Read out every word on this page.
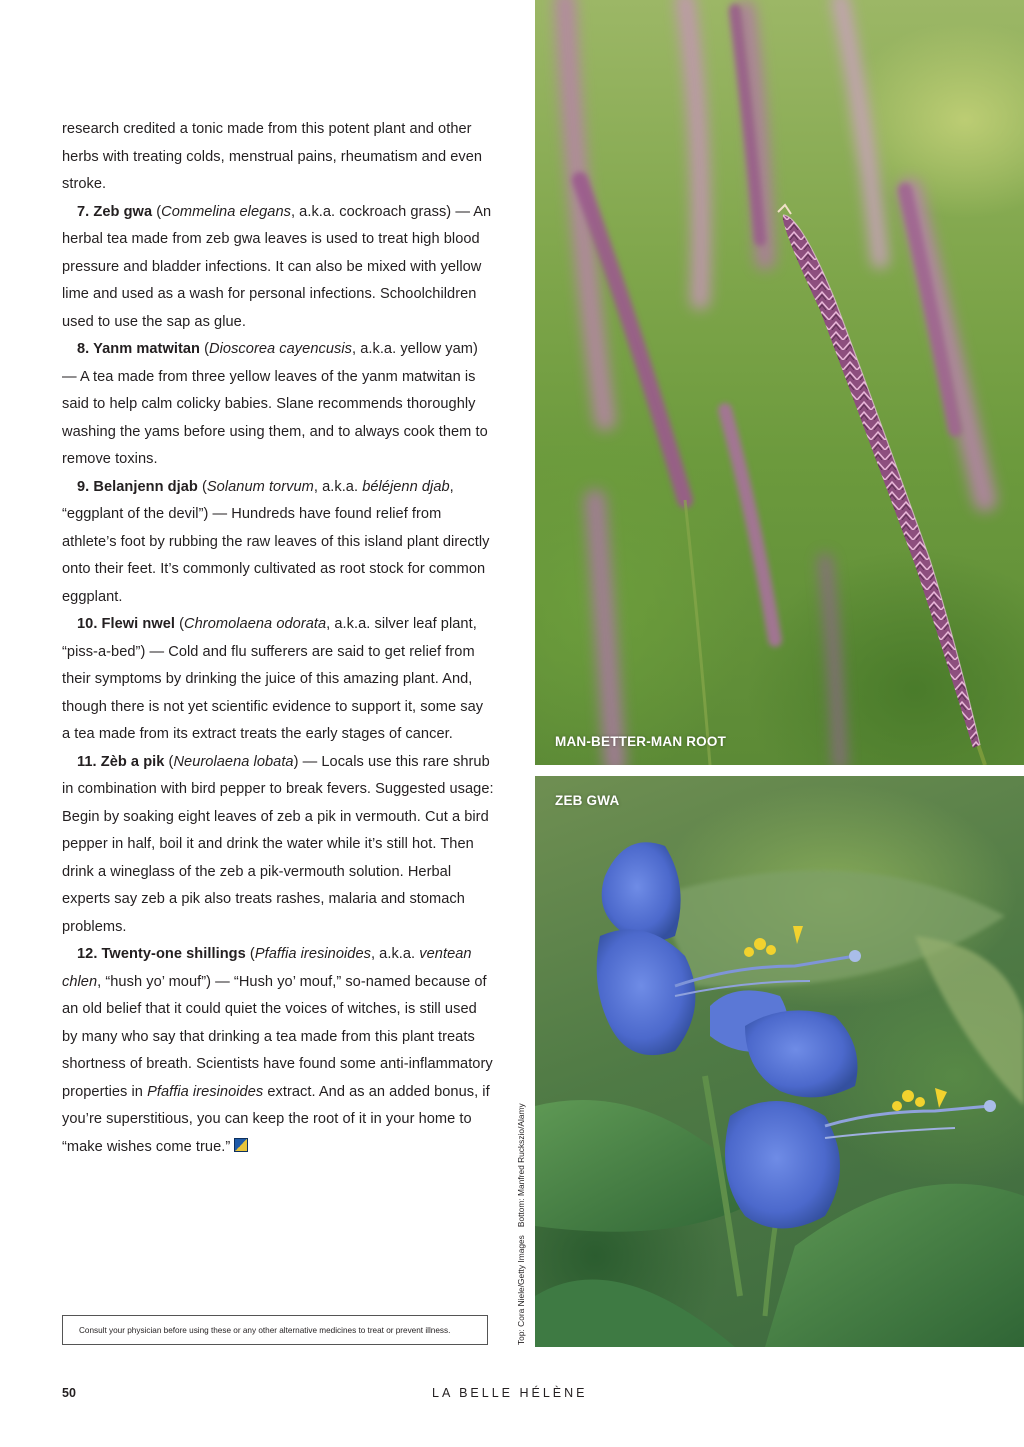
research credited a tonic made from this potent plant and other herbs with treating colds, menstrual pains, rheumatism and even stroke.

7. Zeb gwa (Commelina elegans, a.k.a. cockroach grass) — An herbal tea made from zeb gwa leaves is used to treat high blood pressure and bladder infections. It can also be mixed with yellow lime and used as a wash for personal infections. Schoolchildren used to use the sap as glue.

8. Yanm matwitan (Dioscorea cayencusis, a.k.a. yellow yam) — A tea made from three yellow leaves of the yanm matwitan is said to help calm colicky babies. Slane recommends thoroughly washing the yams before using them, and to always cook them to remove toxins.

9. Belanjenn djab (Solanum torvum, a.k.a. béléjenn djab, “eggplant of the devil”) — Hundreds have found relief from athlete’s foot by rubbing the raw leaves of this island plant directly onto their feet. It’s commonly cultivated as root stock for common eggplant.

10. Flewi nwel (Chromolaena odorata, a.k.a. silver leaf plant, “piss-a-bed”) — Cold and flu sufferers are said to get relief from their symptoms by drinking the juice of this amazing plant. And, though there is not yet scientific evidence to support it, some say a tea made from its extract treats the early stages of cancer.

11. Zèb a pik (Neurolaena lobata) — Locals use this rare shrub in combination with bird pepper to break fevers. Suggested usage: Begin by soaking eight leaves of zeb a pik in vermouth. Cut a bird pepper in half, boil it and drink the water while it’s still hot. Then drink a wineglass of the zeb a pik-vermouth solution. Herbal experts say zeb a pik also treats rashes, malaria and stomach problems.

12. Twenty-one shillings (Pfaffia iresinoides, a.k.a. ventean chlen, “hush yo’ mouf”) — “Hush yo’ mouf,” so-named because of an old belief that it could quiet the voices of witches, is still used by many who say that drinking a tea made from this plant treats shortness of breath. Scientists have found some anti-inflammatory properties in Pfaffia iresinoides extract. And as an added bonus, if you’re superstitious, you can keep the root of it in your home to “make wishes come true.”

Consult your physician before using these or any other alternative medicines to treat or prevent illness.
50	LA BELLE HÉLÈNE
Top: Cora Niele/Getty ImagesBottom: Manfred Ruckszio/Alamy
MAN-BETTER-MAN ROOT
ZEB GWA
